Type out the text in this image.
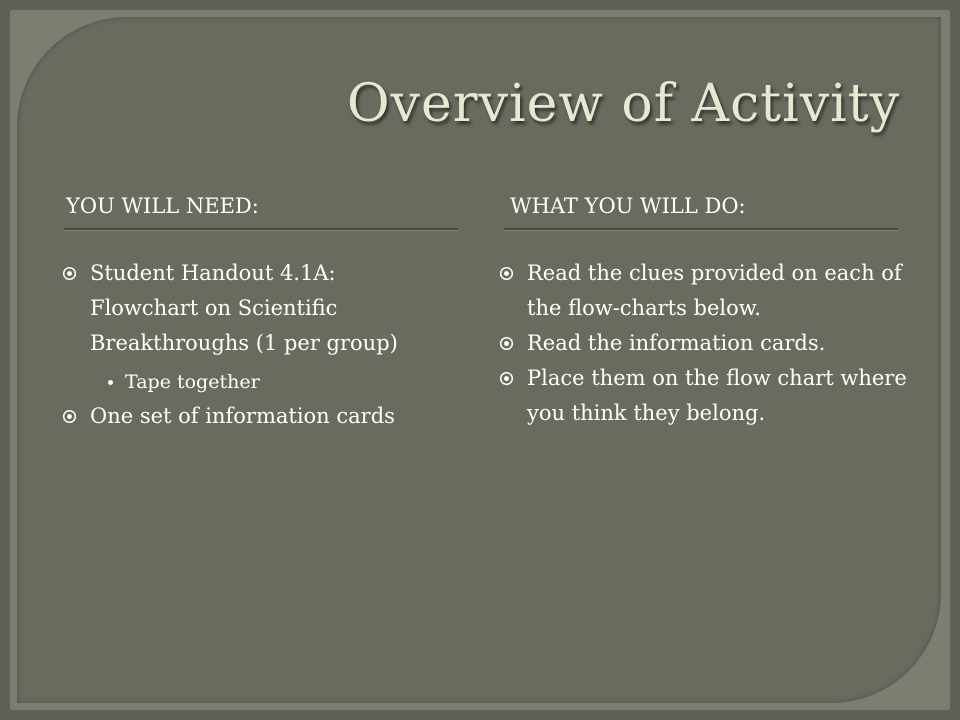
Overview of Activity
YOU WILL NEED:	WHAT YOU WILL DO:
Student Handout 4.1A: Flowchart on Scientific Breakthroughs (1 per group)
Tape together
One set of information cards
Read the clues provided on each of the flow-charts below.
Read the information cards.
Place them on the flow chart where you think they belong.
